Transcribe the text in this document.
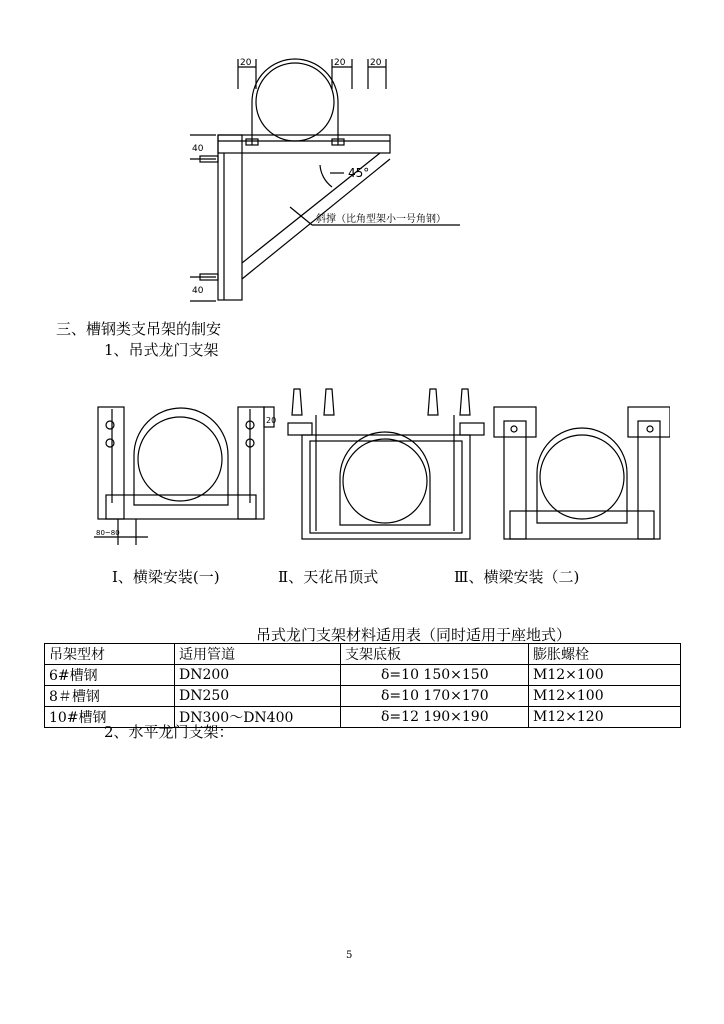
20	20	20
40
40
45°
斜撑（比角型架小一号角钢）
三、槽钢类支吊架的制安
1、吊式龙门支架
20
80~80
Ⅰ、横梁安装(一)	Ⅱ、天花吊顶式	Ⅲ、横梁安装（二)
吊式龙门支架材料适用表（同时适用于座地式）
吊架型材	适用管道	支架底板	膨胀螺栓
6#槽钢	DN200	δ=10 150×150	M12×100
8＃槽钢	DN250	δ=10 170×170	M12×100
10#槽钢	DN300～DN400	δ=12 190×190	M12×120
2、水平龙门支架：
5
